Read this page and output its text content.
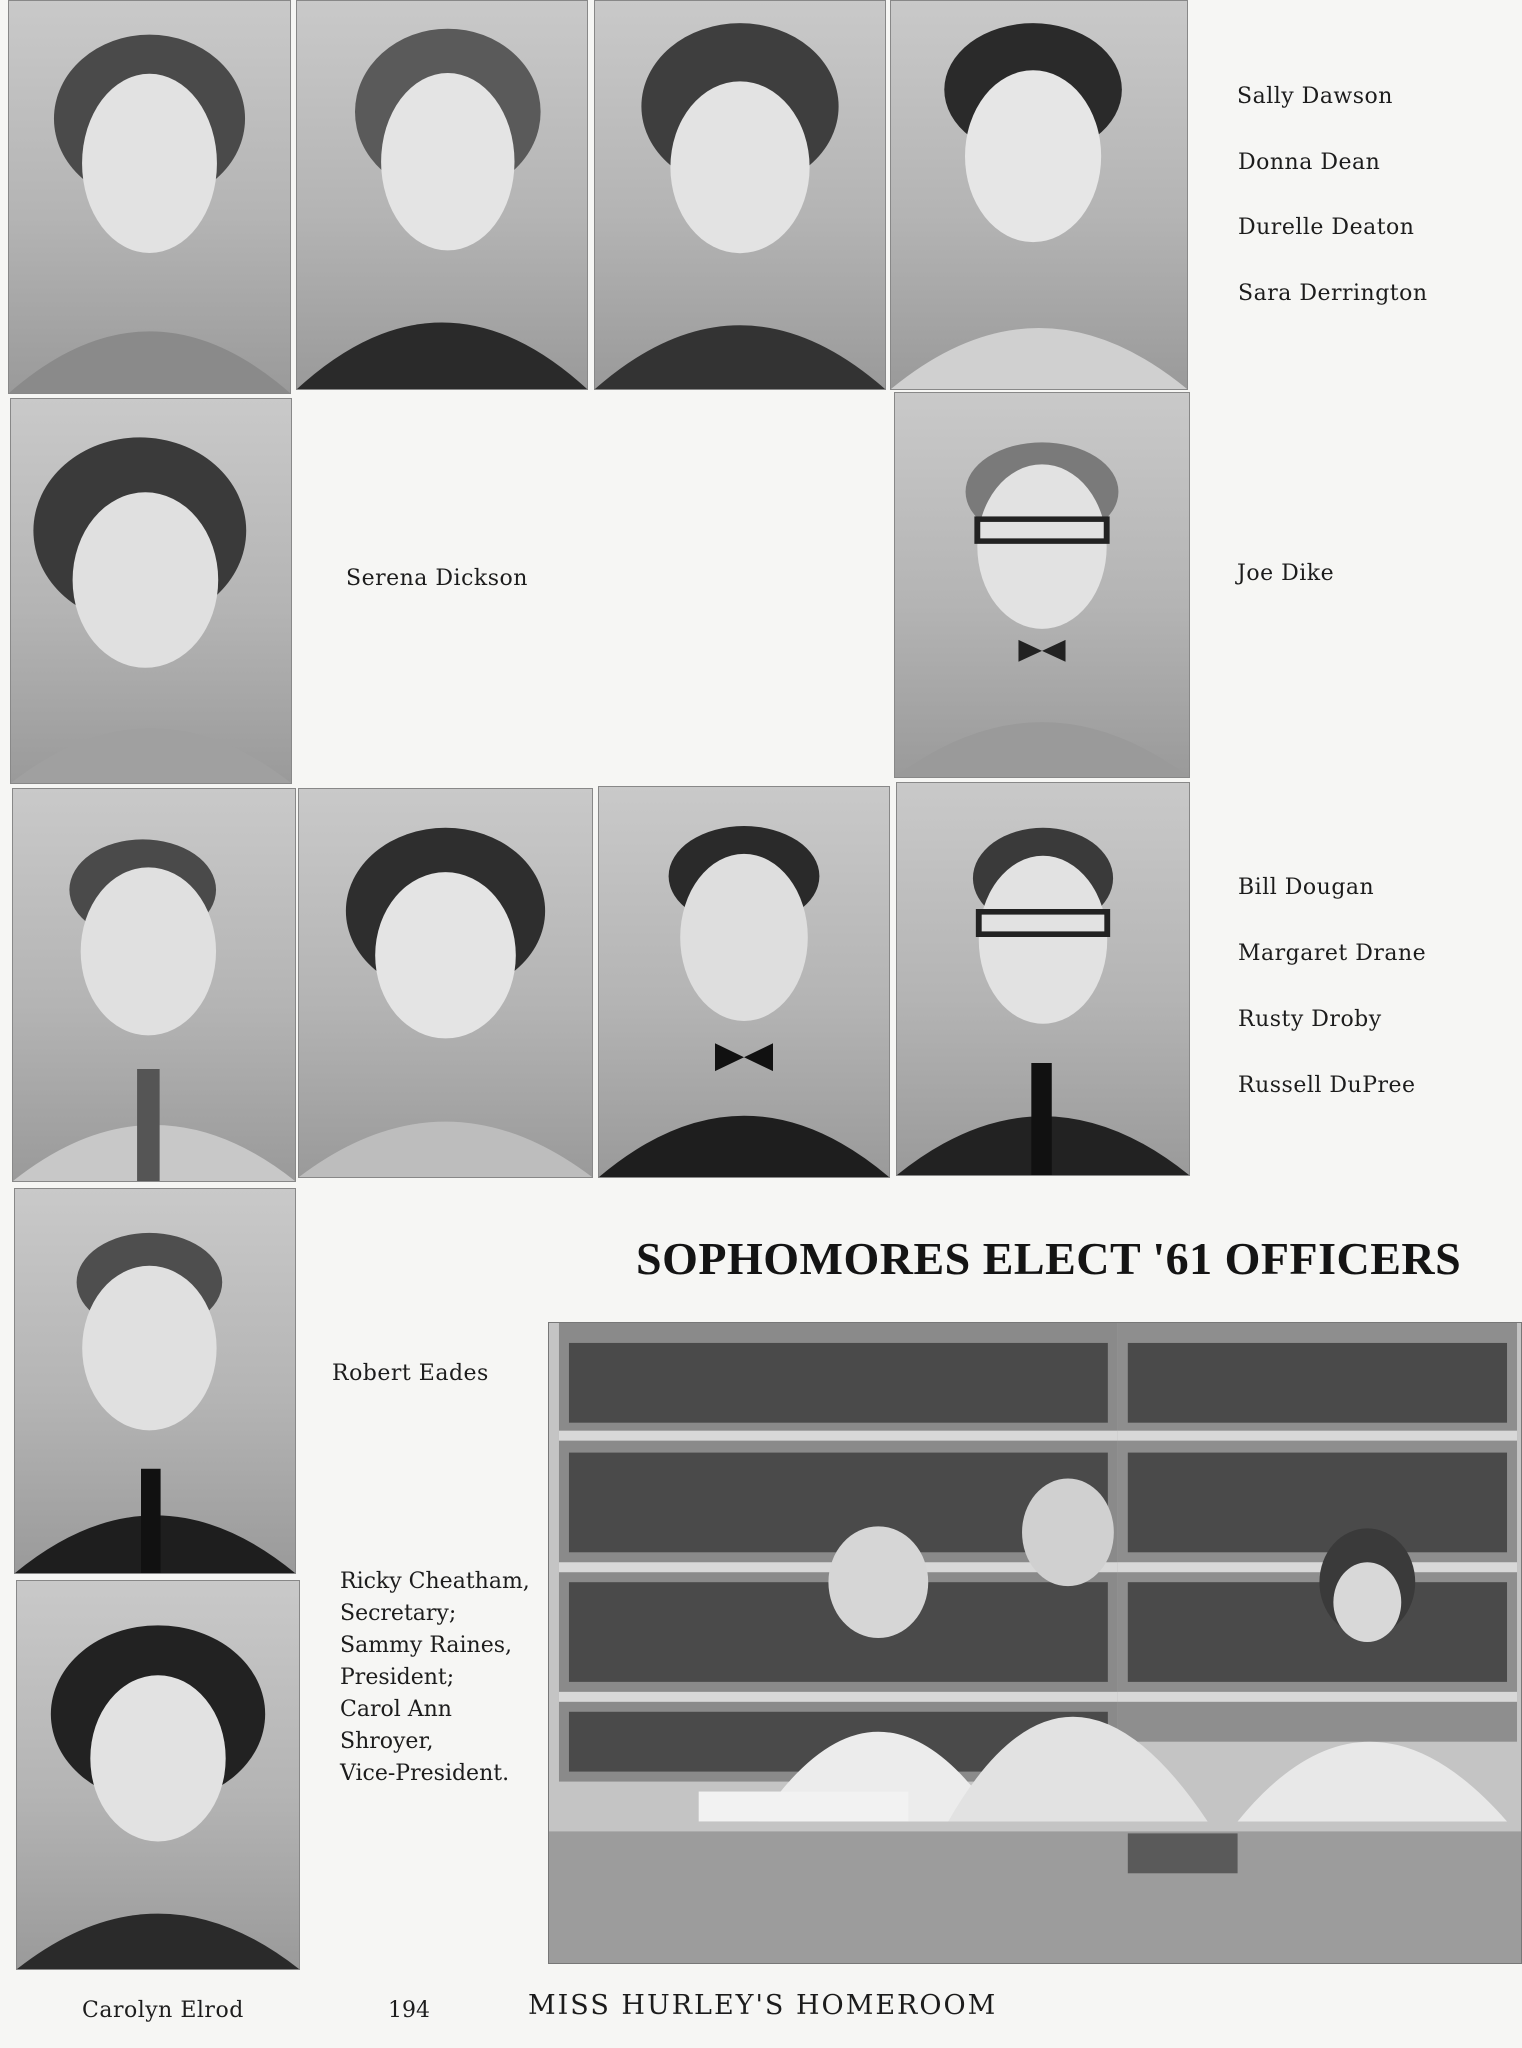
Sally Dawson
Donna Dean
Durelle Deaton
Sara Derrington
Serena Dickson	Joe Dike
Bill Dougan
Margaret Drane
Rusty Droby
Russell DuPree
Robert Eades
Carolyn Elrod
SOPHOMORES ELECT '61 OFFICERS
Ricky Cheatham,
Secretary;
Sammy Raines,
President;
Carol Ann
Shroyer,
Vice-President.
194	MISS HURLEY'S HOMEROOM
